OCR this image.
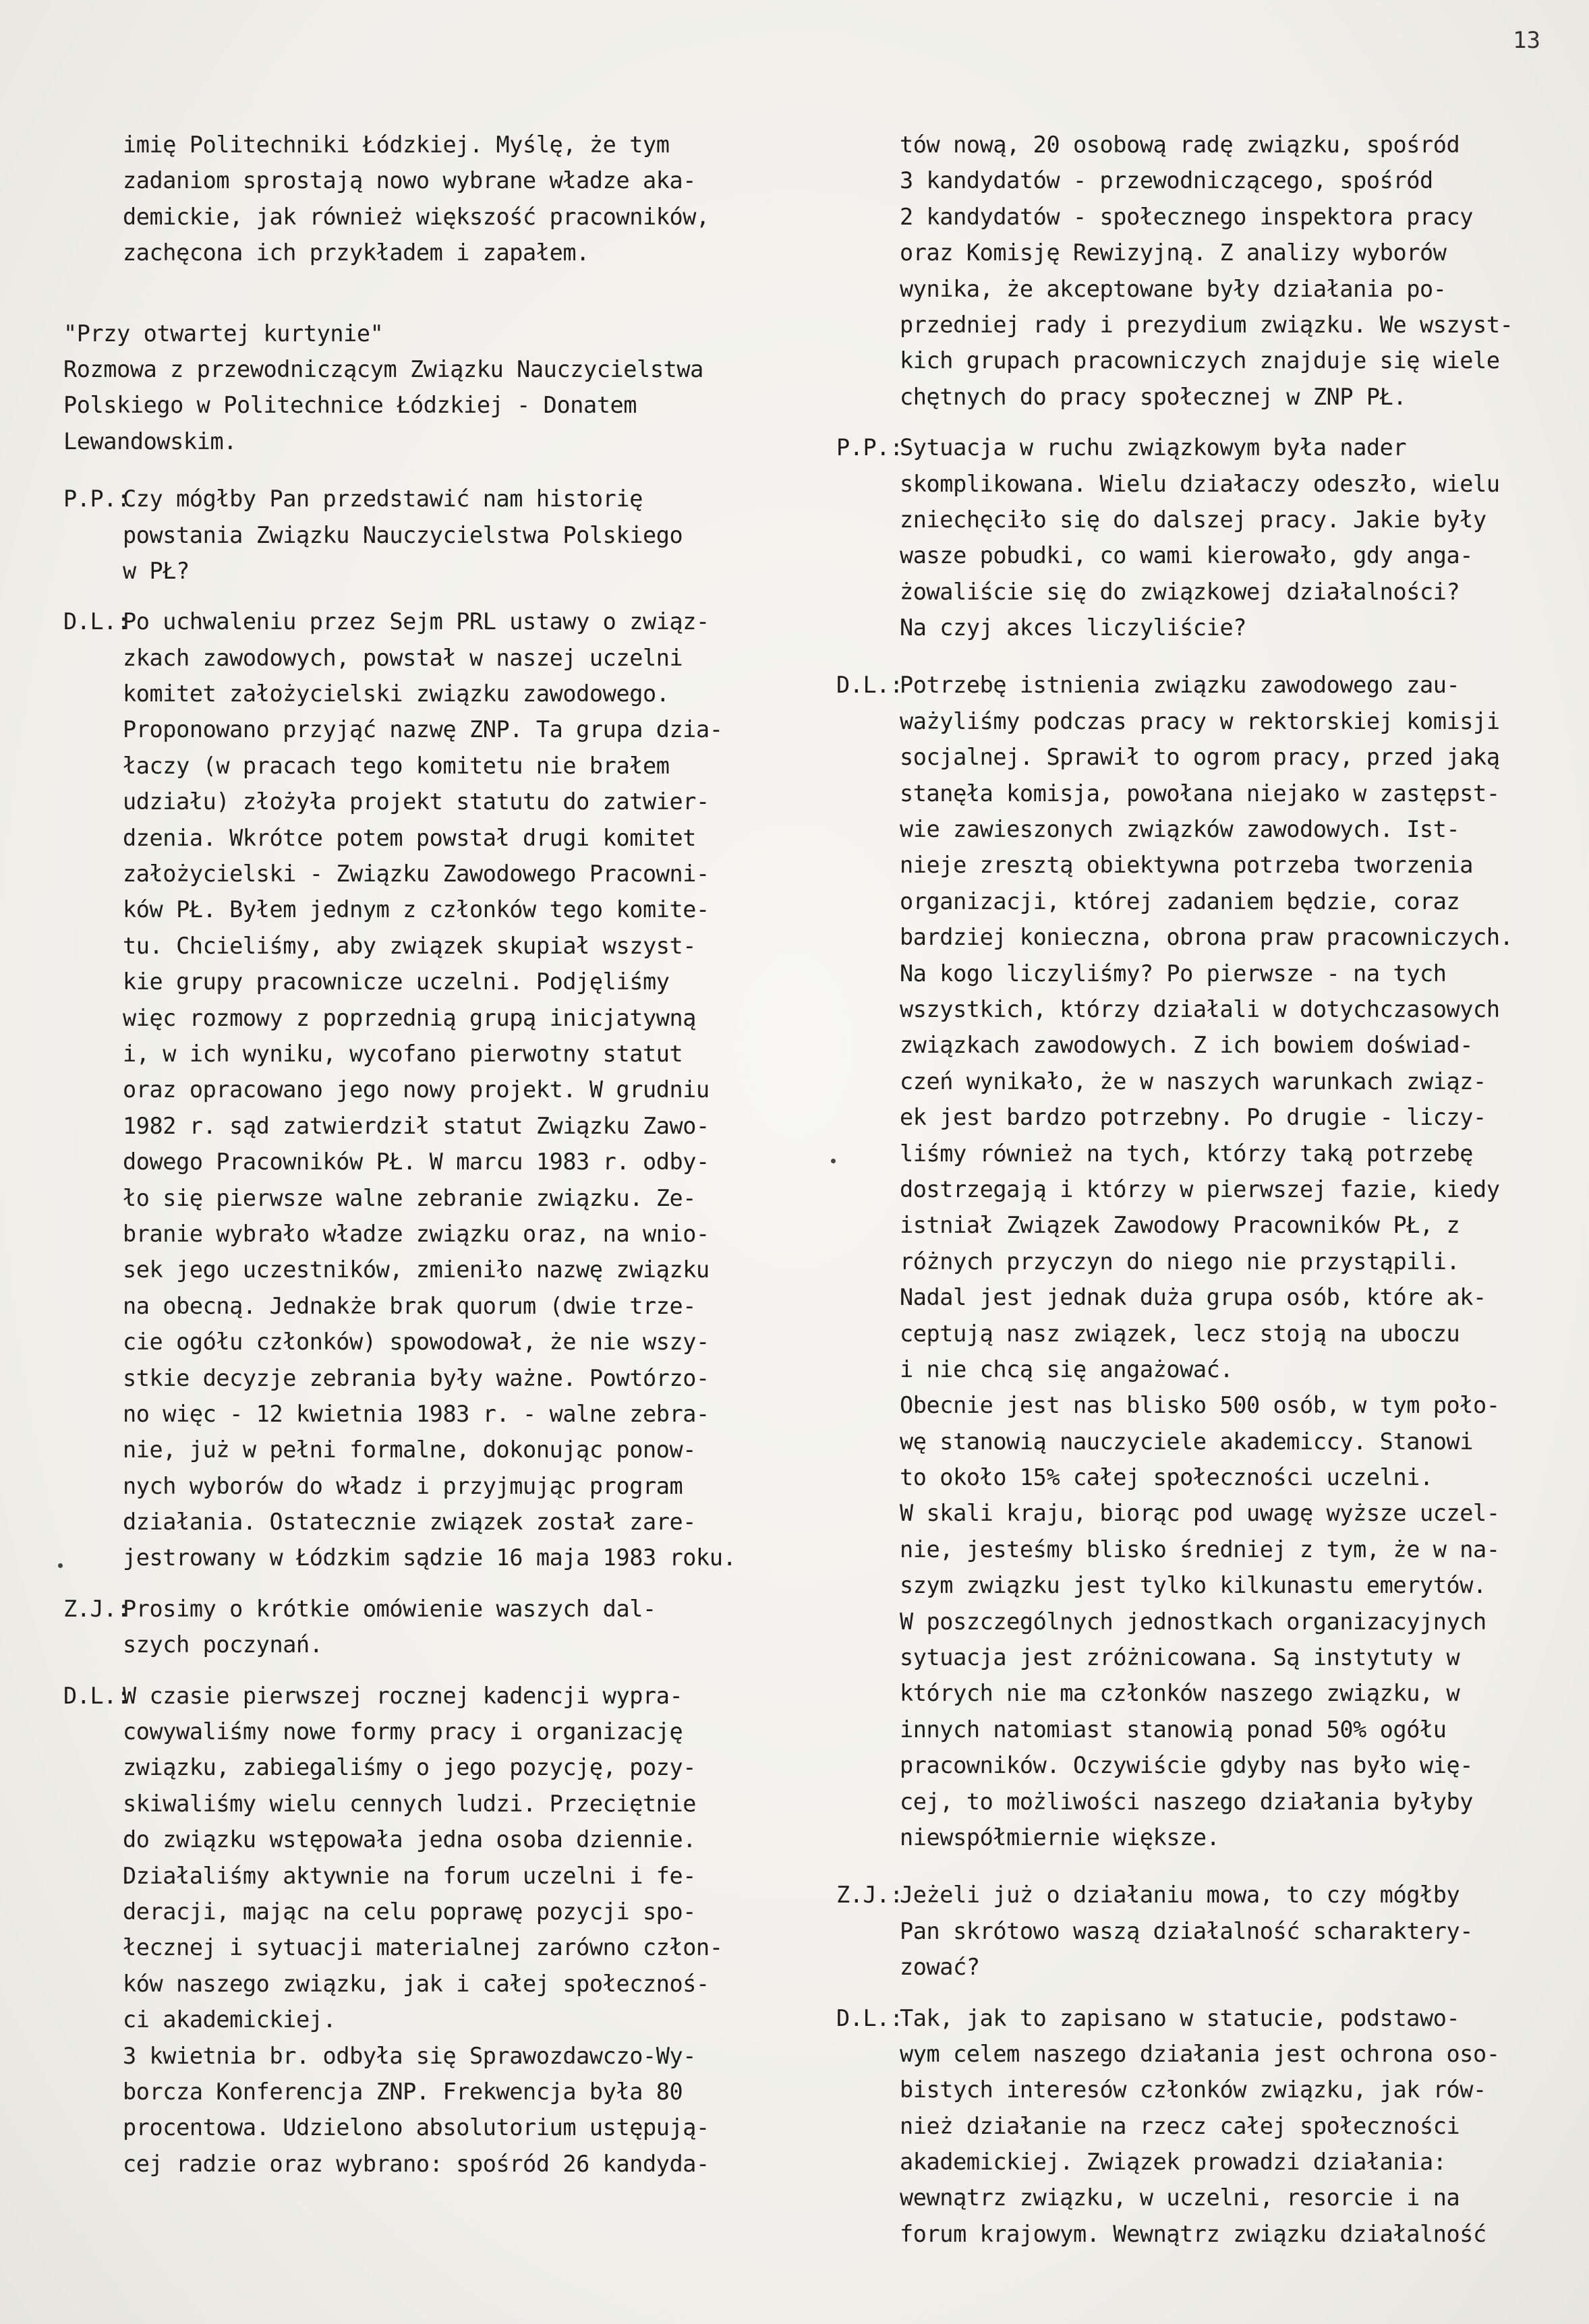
13
imię Politechniki Łódzkiej. Myślę, że tym
zadaniom sprostają nowo wybrane władze aka-
demickie, jak również większość pracowników,
zachęcona ich przykładem i zapałem.
"Przy otwartej kurtynie"
Rozmowa z przewodniczącym Związku Nauczycielstwa
Polskiego w Politechnice Łódzkiej - Donatem
Lewandowskim.
P.P.:Czy mógłby Pan przedstawić nam historię
powstania Związku Nauczycielstwa Polskiego
w PŁ?
D.L.:Po uchwaleniu przez Sejm PRL ustawy o związ-
zkach zawodowych, powstał w naszej uczelni
komitet założycielski związku zawodowego.
Proponowano przyjąć nazwę ZNP. Ta grupa dzia-
łaczy (w pracach tego komitetu nie brałem
udziału) złożyła projekt statutu do zatwier-
dzenia. Wkrótce potem powstał drugi komitet
założycielski - Związku Zawodowego Pracowni-
ków PŁ. Byłem jednym z członków tego komite-
tu. Chcieliśmy, aby związek skupiał wszyst-
kie grupy pracownicze uczelni. Podjęliśmy
więc rozmowy z poprzednią grupą inicjatywną
i, w ich wyniku, wycofano pierwotny statut
oraz opracowano jego nowy projekt. W grudniu
1982 r. sąd zatwierdził statut Związku Zawo-
dowego Pracowników PŁ. W marcu 1983 r. odby-
ło się pierwsze walne zebranie związku. Ze-
branie wybrało władze związku oraz, na wnio-
sek jego uczestników, zmieniło nazwę związku
na obecną. Jednakże brak quorum (dwie trze-
cie ogółu członków) spowodował, że nie wszy-
stkie decyzje zebrania były ważne. Powtórzo-
no więc - 12 kwietnia 1983 r. - walne zebra-
nie, już w pełni formalne, dokonując ponow-
nych wyborów do władz i przyjmując program
działania. Ostatecznie związek został zare-
jestrowany w Łódzkim sądzie 16 maja 1983 roku.
Z.J.:Prosimy o krótkie omówienie waszych dal-
szych poczynań.
D.L.:W czasie pierwszej rocznej kadencji wypra-
cowywaliśmy nowe formy pracy i organizację
związku, zabiegaliśmy o jego pozycję, pozy-
skiwaliśmy wielu cennych ludzi. Przeciętnie
do związku wstępowała jedna osoba dziennie.
Działaliśmy aktywnie na forum uczelni i fe-
deracji, mając na celu poprawę pozycji spo-
łecznej i sytuacji materialnej zarówno człon-
ków naszego związku, jak i całej społecznoś-
ci akademickiej.
3 kwietnia br. odbyła się Sprawozdawczo-Wy-
borcza Konferencja ZNP. Frekwencja była 80
procentowa. Udzielono absolutorium ustępują-
cej radzie oraz wybrano: spośród 26 kandyda-
tów nową, 20 osobową radę związku, spośród
3 kandydatów - przewodniczącego, spośród
2 kandydatów - społecznego inspektora pracy
oraz Komisję Rewizyjną. Z analizy wyborów
wynika, że akceptowane były działania po-
przedniej rady i prezydium związku. We wszyst-
kich grupach pracowniczych znajduje się wiele
chętnych do pracy społecznej w ZNP PŁ.
P.P.:Sytuacja w ruchu związkowym była nader
skomplikowana. Wielu działaczy odeszło, wielu
zniechęciło się do dalszej pracy. Jakie były
wasze pobudki, co wami kierowało, gdy anga-
żowaliście się do związkowej działalności?
Na czyj akces liczyliście?
D.L.:Potrzebę istnienia związku zawodowego zau-
ważyliśmy podczas pracy w rektorskiej komisji
socjalnej. Sprawił to ogrom pracy, przed jaką
stanęła komisja, powołana niejako w zastępst-
wie zawieszonych związków zawodowych. Ist-
nieje zresztą obiektywna potrzeba tworzenia
organizacji, której zadaniem będzie, coraz
bardziej konieczna, obrona praw pracowniczych.
Na kogo liczyliśmy? Po pierwsze - na tych
wszystkich, którzy działali w dotychczasowych
związkach zawodowych. Z ich bowiem doświad-
czeń wynikało, że w naszych warunkach związ-
ek jest bardzo potrzebny. Po drugie - liczy-
liśmy również na tych, którzy taką potrzebę
dostrzegają i którzy w pierwszej fazie, kiedy
istniał Związek Zawodowy Pracowników PŁ, z
różnych przyczyn do niego nie przystąpili.
Nadal jest jednak duża grupa osób, które ak-
ceptują nasz związek, lecz stoją na uboczu
i nie chcą się angażować.
Obecnie jest nas blisko 500 osób, w tym poło-
wę stanowią nauczyciele akademiccy. Stanowi
to około 15% całej społeczności uczelni.
W skali kraju, biorąc pod uwagę wyższe uczel-
nie, jesteśmy blisko średniej z tym, że w na-
szym związku jest tylko kilkunastu emerytów.
W poszczególnych jednostkach organizacyjnych
sytuacja jest zróżnicowana. Są instytuty w
których nie ma członków naszego związku, w
innych natomiast stanowią ponad 50% ogółu
pracowników. Oczywiście gdyby nas było wię-
cej, to możliwości naszego działania byłyby
niewspółmiernie większe.
Z.J.:Jeżeli już o działaniu mowa, to czy mógłby
Pan skrótowo waszą działalność scharaktery-
zować?
D.L.:Tak, jak to zapisano w statucie, podstawo-
wym celem naszego działania jest ochrona oso-
bistych interesów członków związku, jak rów-
nież działanie na rzecz całej społeczności
akademickiej. Związek prowadzi działania:
wewnątrz związku, w uczelni, resorcie i na
forum krajowym. Wewnątrz związku działalność
